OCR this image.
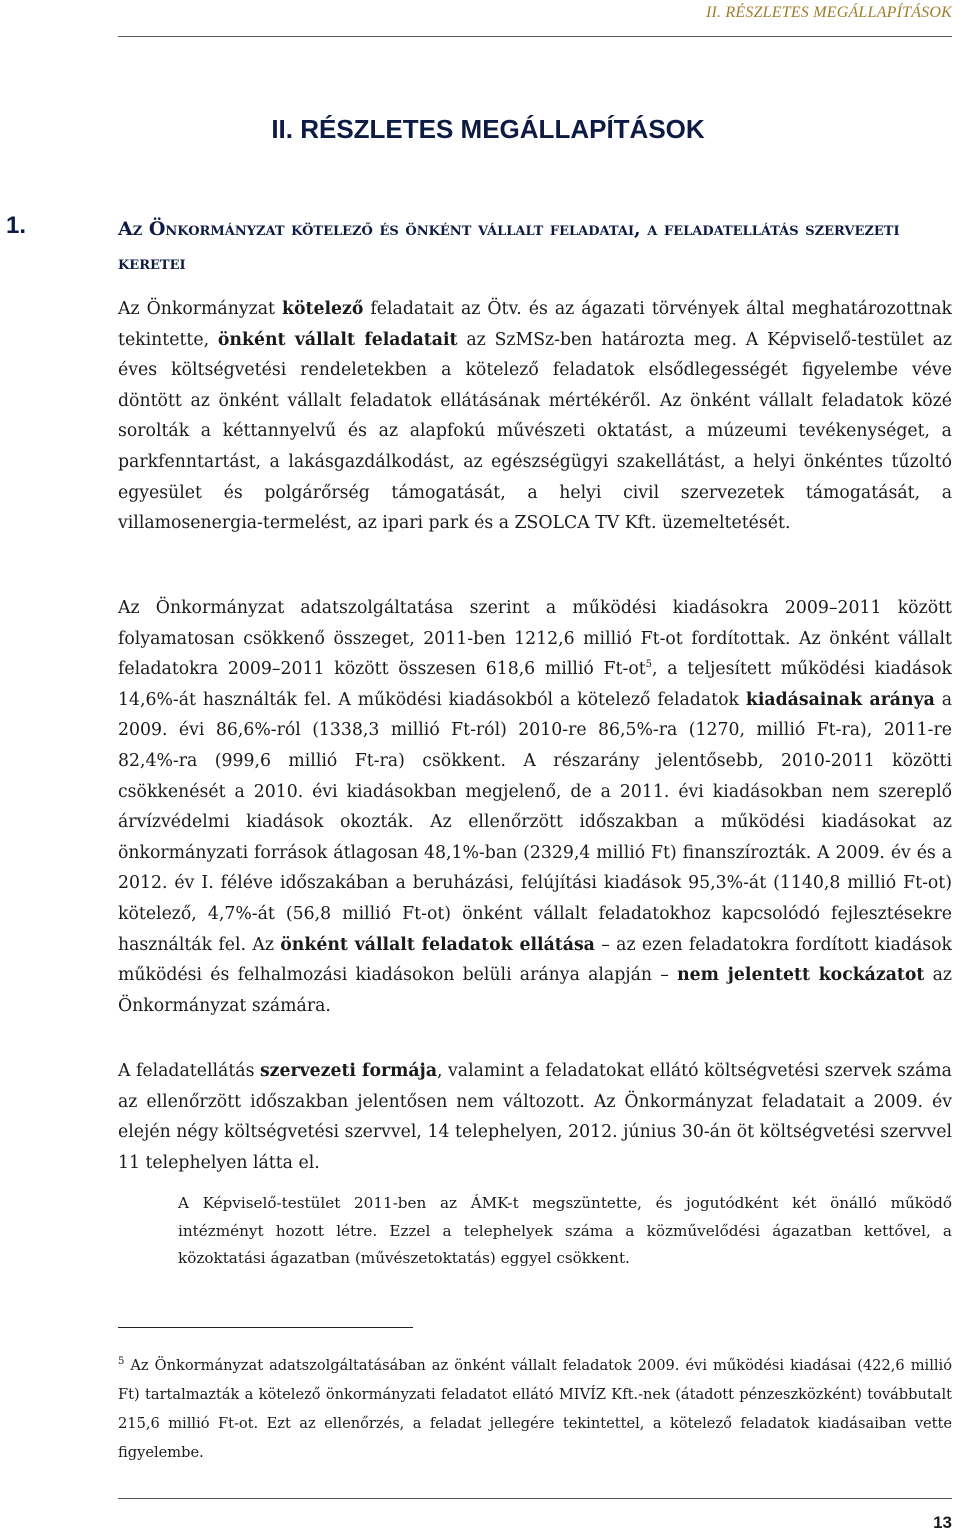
II. RÉSZLETES MEGÁLLAPÍTÁSOK
II. RÉSZLETES MEGÁLLAPÍTÁSOK
1.	Az Önkormányzat kötelező és önként vállalt feladatai, a feladatellátás szervezeti keretei

Az Önkormányzat kötelező feladatait az Ötv. és az ágazati törvények által meghatározottnak tekintette, önként vállalt feladatait az SzMSz-ben határozta meg. A Képviselő-testület az éves költségvetési rendeletekben a kötelező feladatok elsődlegességét figyelembe véve döntött az önként vállalt feladatok ellátásának mértékéről. Az önként vállalt feladatok közé sorolták a kéttannyelvű és az alapfokú művészeti oktatást, a múzeumi tevékenységet, a parkfenntartást, a lakásgazdálkodást, az egészségügyi szakellátást, a helyi önkéntes tűzoltó egyesület és polgárőrség támogatását, a helyi civil szervezetek támogatását, a villamosenergia-termelést, az ipari park és a ZSOLCA TV Kft. üzemeltetését.

Az Önkormányzat adatszolgáltatása szerint a működési kiadásokra 2009–2011 között folyamatosan csökkenő összeget, 2011-ben 1212,6 millió Ft-ot fordítottak. Az önként vállalt feladatokra 2009–2011 között összesen 618,6 millió $Ft-ot^5$, a teljesített működési kiadások 14,6%-át használták fel. A működési kiadásokból a kötelező feladatok kiadásainak aránya a 2009. évi 86,6%-ról (1338,3 millió Ft-ról) 2010-re 86,5%-ra (1270, millió Ft-ra), 2011-re 82,4%-ra (999,6 millió Ft-ra) csökkent. A részarány jelentősebb, 2010-2011 közötti csökkenését a 2010. évi kiadásokban megjelenő, de a 2011. évi kiadásokban nem szereplő árvízvédelmi kiadások okozták. Az ellenőrzött időszakban a működési kiadásokat az önkormányzati források átlagosan 48,1%-ban (2329,4 millió Ft) finanszírozták. A 2009. év és a 2012. év I. féléve időszakában a beruházási, felújítási kiadások 95,3%-át (1140,8 millió Ft-ot) kötelező, 4,7%-át (56,8 millió Ft-ot) önként vállalt feladatokhoz kapcsolódó fejlesztésekre használták fel. Az önként vállalt feladatok ellátása – az ezen feladatokra fordított kiadások működési és felhalmozási kiadásokon belüli aránya alapján – nem jelentett kockázatot az Önkormányzat számára.

A feladatellátás szervezeti formája, valamint a feladatokat ellátó költségvetési szervek száma az ellenőrzött időszakban jelentősen nem változott. Az Önkormányzat feladatait a 2009. év elején négy költségvetési szervvel, 14 telephelyen, 2012. június 30-án öt költségvetési szervvel 11 telephelyen látta el.

A Képviselő-testület 2011-ben az ÁMK-t megszüntette, és jogutódként két önálló működő intézményt hozott létre. Ezzel a telephelyek száma a közművelődési ágazatban kettővel, a közoktatási ágazatban (művészetoktatás) eggyel csökkent.

$^5$ Az Önkormányzat adatszolgáltatásában az önként vállalt feladatok 2009. évi működési kiadásai (422,6 millió Ft) tartalmazták a kötelező önkormányzati feladatot ellátó MIVÍZ Kft.-nek (átadott pénzeszközként) továbbutalt 215,6 millió Ft-ot. Ezt az ellenőrzés, a feladat jellegére tekintettel, a kötelező feladatok kiadásaiban vette figyelembe.

13
